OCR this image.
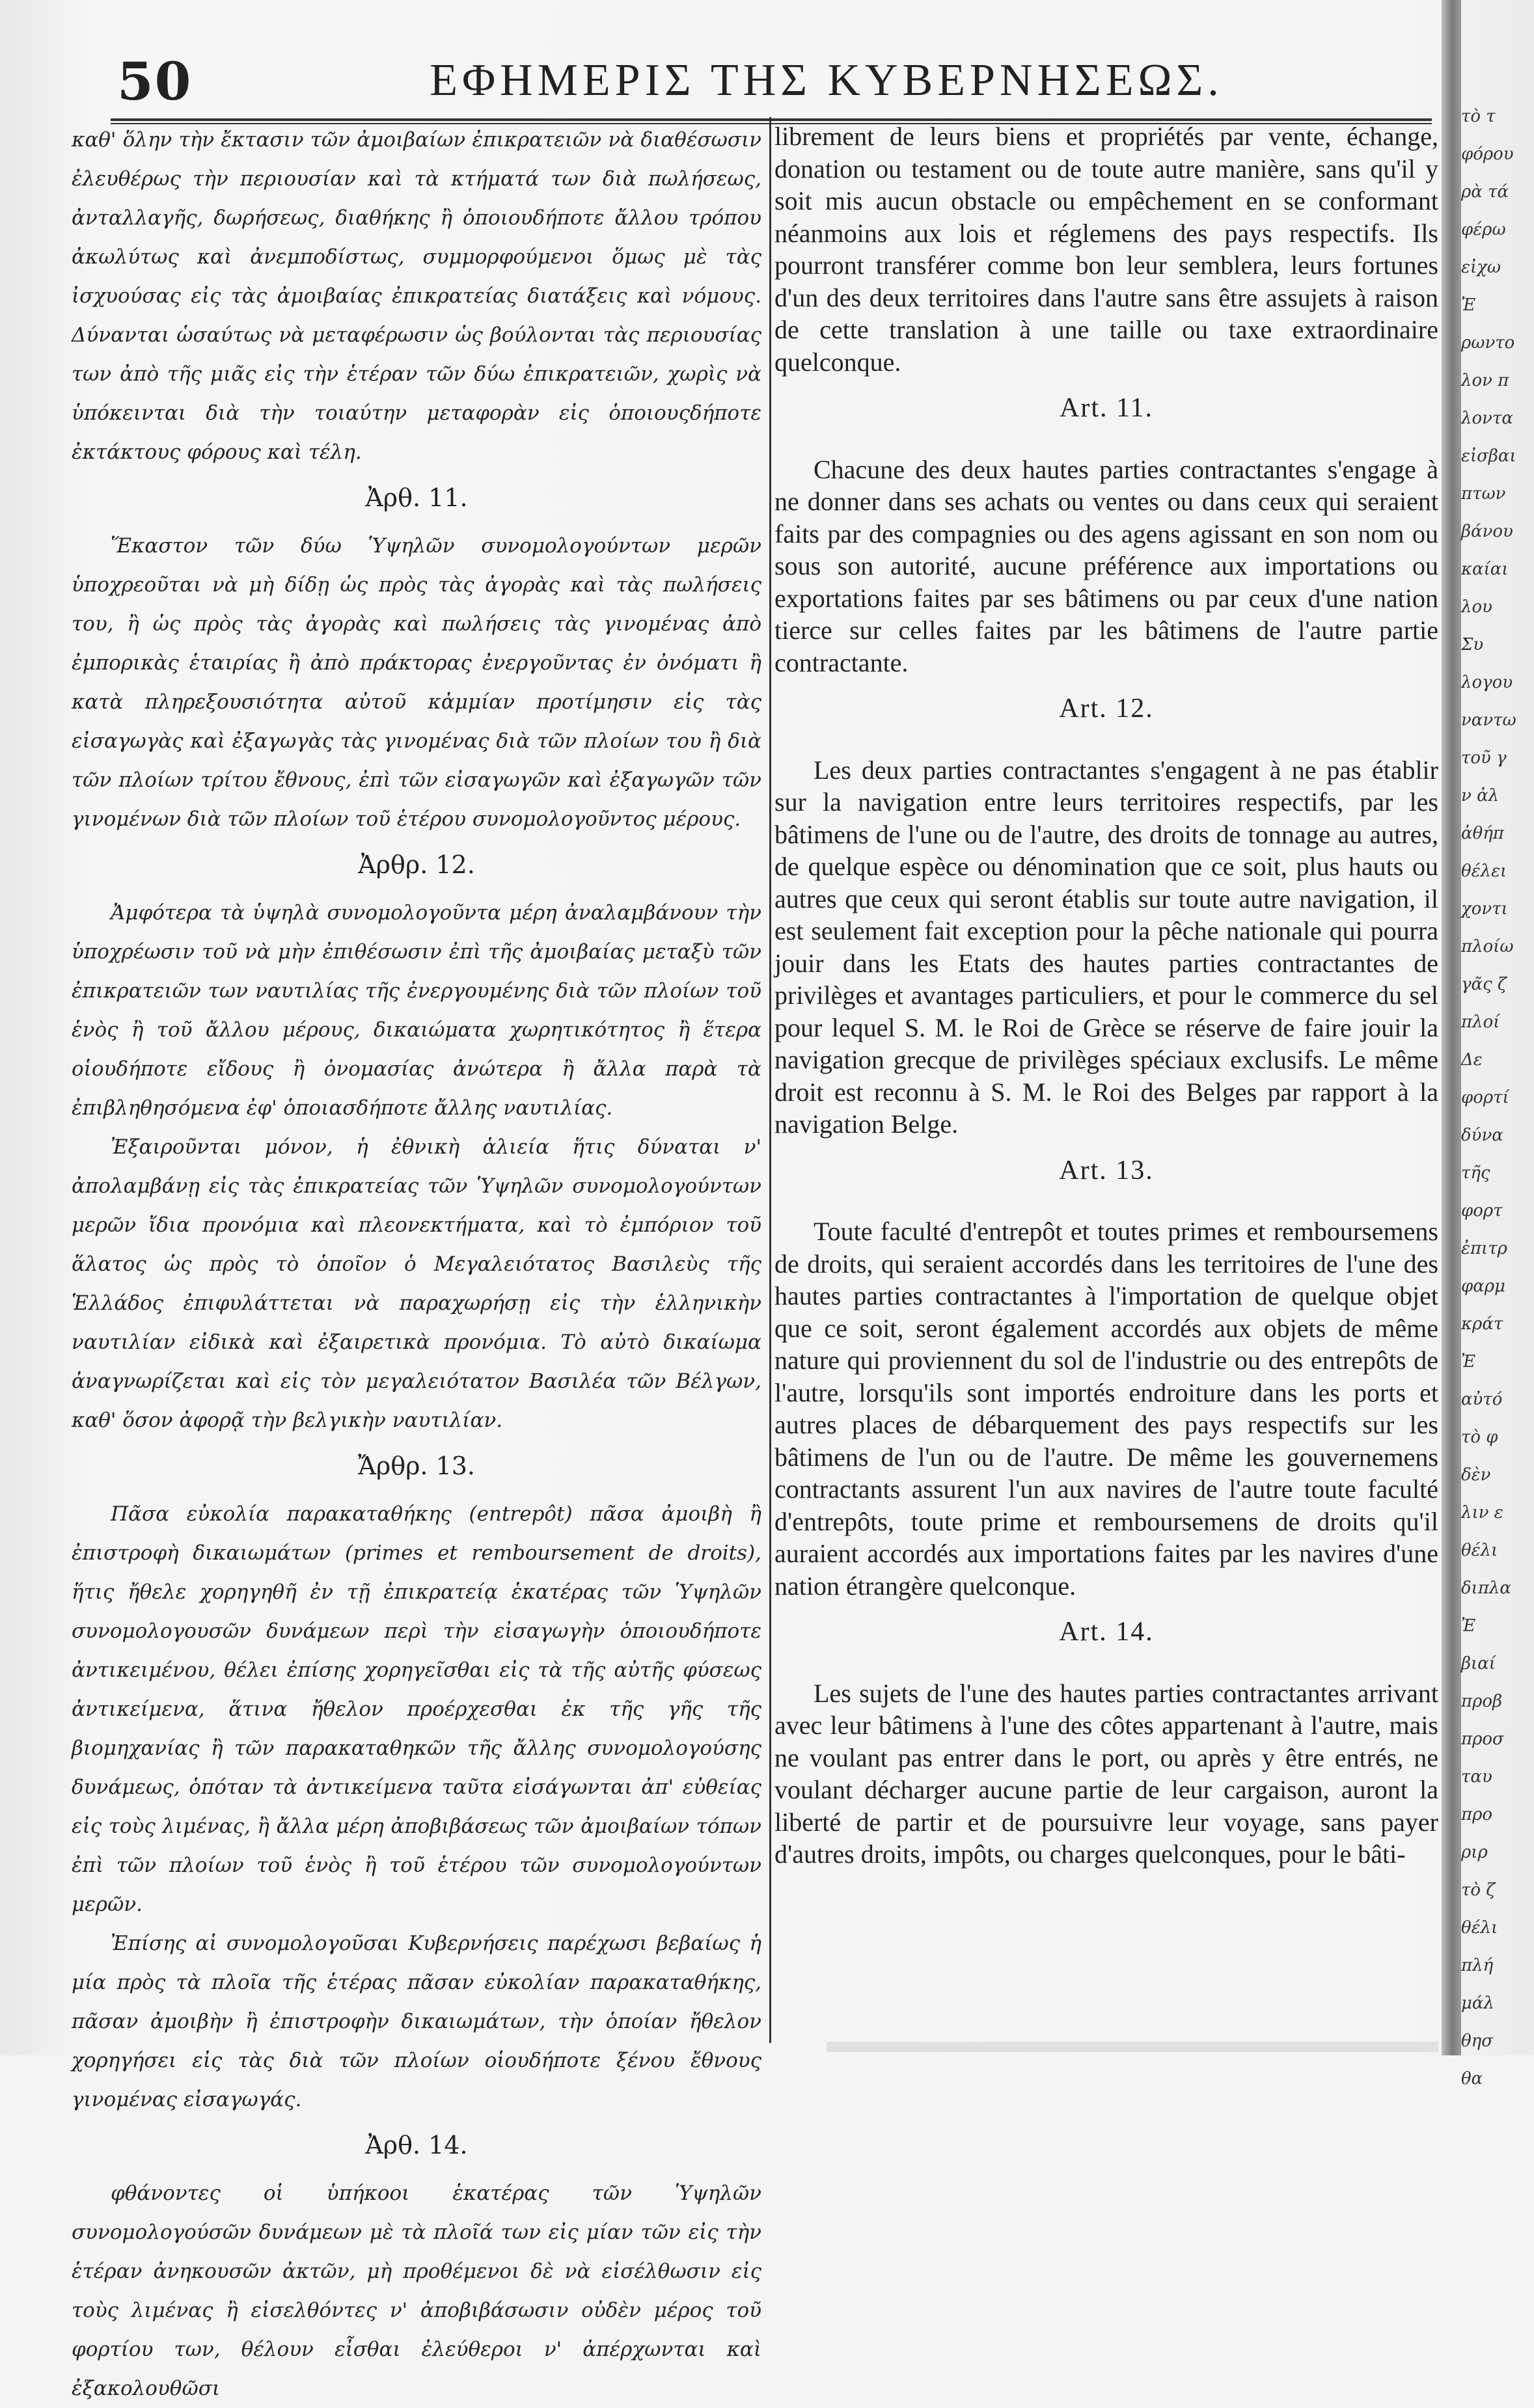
50	ΕΦΗΜΕΡΙΣ ΤΗΣ ΚΥΒΕΡΝΗΣΕΩΣ.

καθ' ὅλην τὴν ἔκτασιν τῶν ἀμοιβαίων ἐπικρατειῶν νὰ διαθέσωσιν ἐλευθέρως τὴν περιουσίαν καὶ τὰ κτήματά των διὰ πωλήσεως, ἀνταλλαγῆς, δωρήσεως, διαθήκης ἢ ὁποιουδήποτε ἄλλου τρόπου ἀκωλύτως καὶ ἀνεμποδίστως, συμμορφούμενοι ὅμως μὲ τὰς ἰσχυούσας εἰς τὰς ἀμοιβαίας ἐπικρατείας διατάξεις καὶ νόμους. Δύνανται ὡσαύτως νὰ μεταφέρωσιν ὡς βούλονται τὰς περιουσίας των ἀπὸ τῆς μιᾶς εἰς τὴν ἑτέραν τῶν δύω ἐπικρατειῶν, χωρὶς νὰ ὑπόκεινται διὰ τὴν τοιαύτην μεταφορὰν εἰς ὁποιουςδήποτε ἐκτάκτους φόρους καὶ τέλη.

Ἀρθ. 11.

Ἕκαστον τῶν δύω Ὑψηλῶν συνομολογούντων μερῶν ὑποχρεοῦται νὰ μὴ δίδῃ ὡς πρὸς τὰς ἀγορὰς καὶ τὰς πωλήσεις του, ἢ ὡς πρὸς τὰς ἀγορὰς καὶ πωλήσεις τὰς γινομένας ἀπὸ ἐμπορικὰς ἑταιρίας ἢ ἀπὸ πράκτορας ἐνεργοῦντας ἐν ὀνόματι ἢ κατὰ πληρεξουσιότητα αὐτοῦ κἀμμίαν προτίμησιν εἰς τὰς εἰσαγωγὰς καὶ ἐξαγωγὰς τὰς γινομένας διὰ τῶν πλοίων του ἢ διὰ τῶν πλοίων τρίτου ἔθνους, ἐπὶ τῶν εἰσαγωγῶν καὶ ἐξαγωγῶν τῶν γινομένων διὰ τῶν πλοίων τοῦ ἑτέρου συνομολογοῦντος μέρους.

Ἀρθρ. 12.

Ἀμφότερα τὰ ὑψηλὰ συνομολογοῦντα μέρη ἀναλαμβάνουν τὴν ὑποχρέωσιν τοῦ νὰ μὴν ἐπιθέσωσιν ἐπὶ τῆς ἀμοιβαίας μεταξὺ τῶν ἐπικρατειῶν των ναυτιλίας τῆς ἐνεργουμένης διὰ τῶν πλοίων τοῦ ἑνὸς ἢ τοῦ ἄλλου μέρους, δικαιώματα χωρητικότητος ἢ ἕτερα οἱουδήποτε εἴδους ἢ ὀνομασίας ἀνώτερα ἢ ἄλλα παρὰ τὰ ἐπιβληθησόμενα ἐφ' ὁποιασδήποτε ἄλλης ναυτιλίας.

Ἐξαιροῦνται μόνον, ἡ ἐθνικὴ ἁλιεία ἥτις δύναται ν' ἀπολαμβάνῃ εἰς τὰς ἐπικρατείας τῶν Ὑψηλῶν συνομολογούντων μερῶν ἴδια προνόμια καὶ πλεονεκτήματα, καὶ τὸ ἐμπόριον τοῦ ἅλατος ὡς πρὸς τὸ ὁποῖον ὁ Μεγαλειότατος Βασιλεὺς τῆς Ἑλλάδος ἐπιφυλάττεται νὰ παραχωρήσῃ εἰς τὴν ἑλληνικὴν ναυτιλίαν εἰδικὰ καὶ ἐξαιρετικὰ προνόμια. Τὸ αὐτὸ δικαίωμα ἀναγνωρίζεται καὶ εἰς τὸν μεγαλειότατον Βασιλέα τῶν Βέλγων, καθ' ὅσον ἀφορᾷ τὴν βελγικὴν ναυτιλίαν.

Ἄρθρ. 13.

Πᾶσα εὐκολία παρακαταθήκης (entrepôt) πᾶσα ἀμοιβὴ ἢ ἐπιστροφὴ δικαιωμάτων (primes et remboursement de droits), ἥτις ἤθελε χορηγηθῆ ἐν τῇ ἐπικρατείᾳ ἑκατέρας τῶν Ὑψηλῶν συνομολογουσῶν δυνάμεων περὶ τὴν εἰσαγωγὴν ὁποιουδήποτε ἀντικειμένου, θέλει ἐπίσης χορηγεῖσθαι εἰς τὰ τῆς αὐτῆς φύσεως ἀντικείμενα, ἅτινα ἤθελον προέρχεσθαι ἐκ τῆς γῆς τῆς βιομηχανίας ἢ τῶν παρακαταθηκῶν τῆς ἄλλης συνομολογούσης δυνάμεως, ὁπόταν τὰ ἀντικείμενα ταῦτα εἰσάγωνται ἀπ' εὐθείας εἰς τοὺς λιμένας, ἢ ἄλλα μέρη ἀποβιβάσεως τῶν ἀμοιβαίων τόπων ἐπὶ τῶν πλοίων τοῦ ἑνὸς ἢ τοῦ ἑτέρου τῶν συνομολογούντων μερῶν.

Ἐπίσης αἱ συνομολογοῦσαι Κυβερνήσεις παρέχωσι βεβαίως ἡ μία πρὸς τὰ πλοῖα τῆς ἑτέρας πᾶσαν εὐκολίαν παρακαταθήκης, πᾶσαν ἀμοιβὴν ἢ ἐπιστροφὴν δικαιωμάτων, τὴν ὁποίαν ἤθελον χορηγήσει εἰς τὰς διὰ τῶν πλοίων οἱουδήποτε ξένου ἔθνους γινομένας εἰσαγωγάς.

Ἀρθ. 14.

φθάνοντες οἱ ὑπήκοοι ἑκατέρας τῶν Ὑψηλῶν συνομολογούσῶν δυνάμεων μὲ τὰ πλοῖά των εἰς μίαν τῶν εἰς τὴν ἑτέραν ἀνηκουσῶν ἀκτῶν, μὴ προθέμενοι δὲ νὰ εἰσέλθωσιν εἰς τοὺς λιμένας ἢ εἰσελθόντες ν' ἀποβιβάσωσιν οὐδὲν μέρος τοῦ φορτίου των, θέλουν εἶσθαι ἐλεύθεροι ν' ἀπέρχωνται καὶ ἐξακολουθῶσι

librement de leurs biens et propriétés par vente, échange, donation ou testament ou de toute autre manière, sans qu'il y soit mis aucun obstacle ou empêchement en se conformant néanmoins aux lois et réglemens des pays respectifs. Ils pourront transférer comme bon leur semblera, leurs fortunes d'un des deux territoires dans l'autre sans être assujets à raison de cette translation à une taille ou taxe extraordinaire quelconque.

Art. 11.

Chacune des deux hautes parties contractantes s'engage à ne donner dans ses achats ou ventes ou dans ceux qui seraient faits par des compagnies ou des agens agissant en son nom ou sous son autorité, aucune préférence aux importations ou exportations faites par ses bâtimens ou par ceux d'une nation tierce sur celles faites par les bâtimens de l'autre partie contractante.

Art. 12.

Les deux parties contractantes s'engagent à ne pas établir sur la navigation entre leurs territoires respectifs, par les bâtimens de l'une ou de l'autre, des droits de tonnage au autres, de quelque espèce ou dénomination que ce soit, plus hauts ou autres que ceux qui seront établis sur toute autre navigation, il est seulement fait exception pour la pêche nationale qui pourra jouir dans les Etats des hautes parties contractantes de privilèges et avantages particuliers, et pour le commerce du sel pour lequel S. M. le Roi de Grèce se réserve de faire jouir la navigation grecque de privilèges spéciaux exclusifs. Le même droit est reconnu à S. M. le Roi des Belges par rapport à la navigation Belge.

Art. 13.

Toute faculté d'entrepôt et toutes primes et remboursemens de droits, qui seraient accordés dans les territoires de l'une des hautes parties contractantes à l'importation de quelque objet que ce soit, seront également accordés aux objets de même nature qui proviennent du sol de l'industrie ou des entrepôts de l'autre, lorsqu'ils sont importés endroiture dans les ports et autres places de débarquement des pays respectifs sur les bâtimens de l'un ou de l'autre. De même les gouvernemens contractants assurent l'un aux navires de l'autre toute faculté d'entrepôts, toute prime et remboursemens de droits qu'il auraient accordés aux importations faites par les navires d'une nation étrangère quelconque.

Art. 14.

Les sujets de l'une des hautes parties contractantes arrivant avec leur bâtimens à l'une des côtes appartenant à l'autre, mais ne voulant pas entrer dans le port, ou après y être entrés, ne voulant décharger aucune partie de leur cargaison, auront la liberté de partir et de poursuivre leur voyage, sans payer d'autres droits, impôts, ou charges quelconques, pour le bâti-

τὸ τ
φόρου
ρὰ τά
φέρω
εἰχω
Ἐ
ρωντο
λον π
λοντα
εἰσβαι
πτων
βάνου
καίαι
λου
Συ
λογου
ναντω
τοῦ γ
ν ἀλ
ἀθήπ
θέλει
χοντι
πλοίω
γᾶς ζ
πλοί
Δε
φορτί
δύνα
τῆς
φορτ
ἐπιτρ
φαρμ
κράτ
Ἐ
αὐτό
τὸ φ
δὲν
λιν ε
θέλι
διπλα
Ἐ
βιαί
προβ
προσ
ταυ
προ
ριρ
τὸ ζ
θέλι
πλή
μάλ
θησ
θα
